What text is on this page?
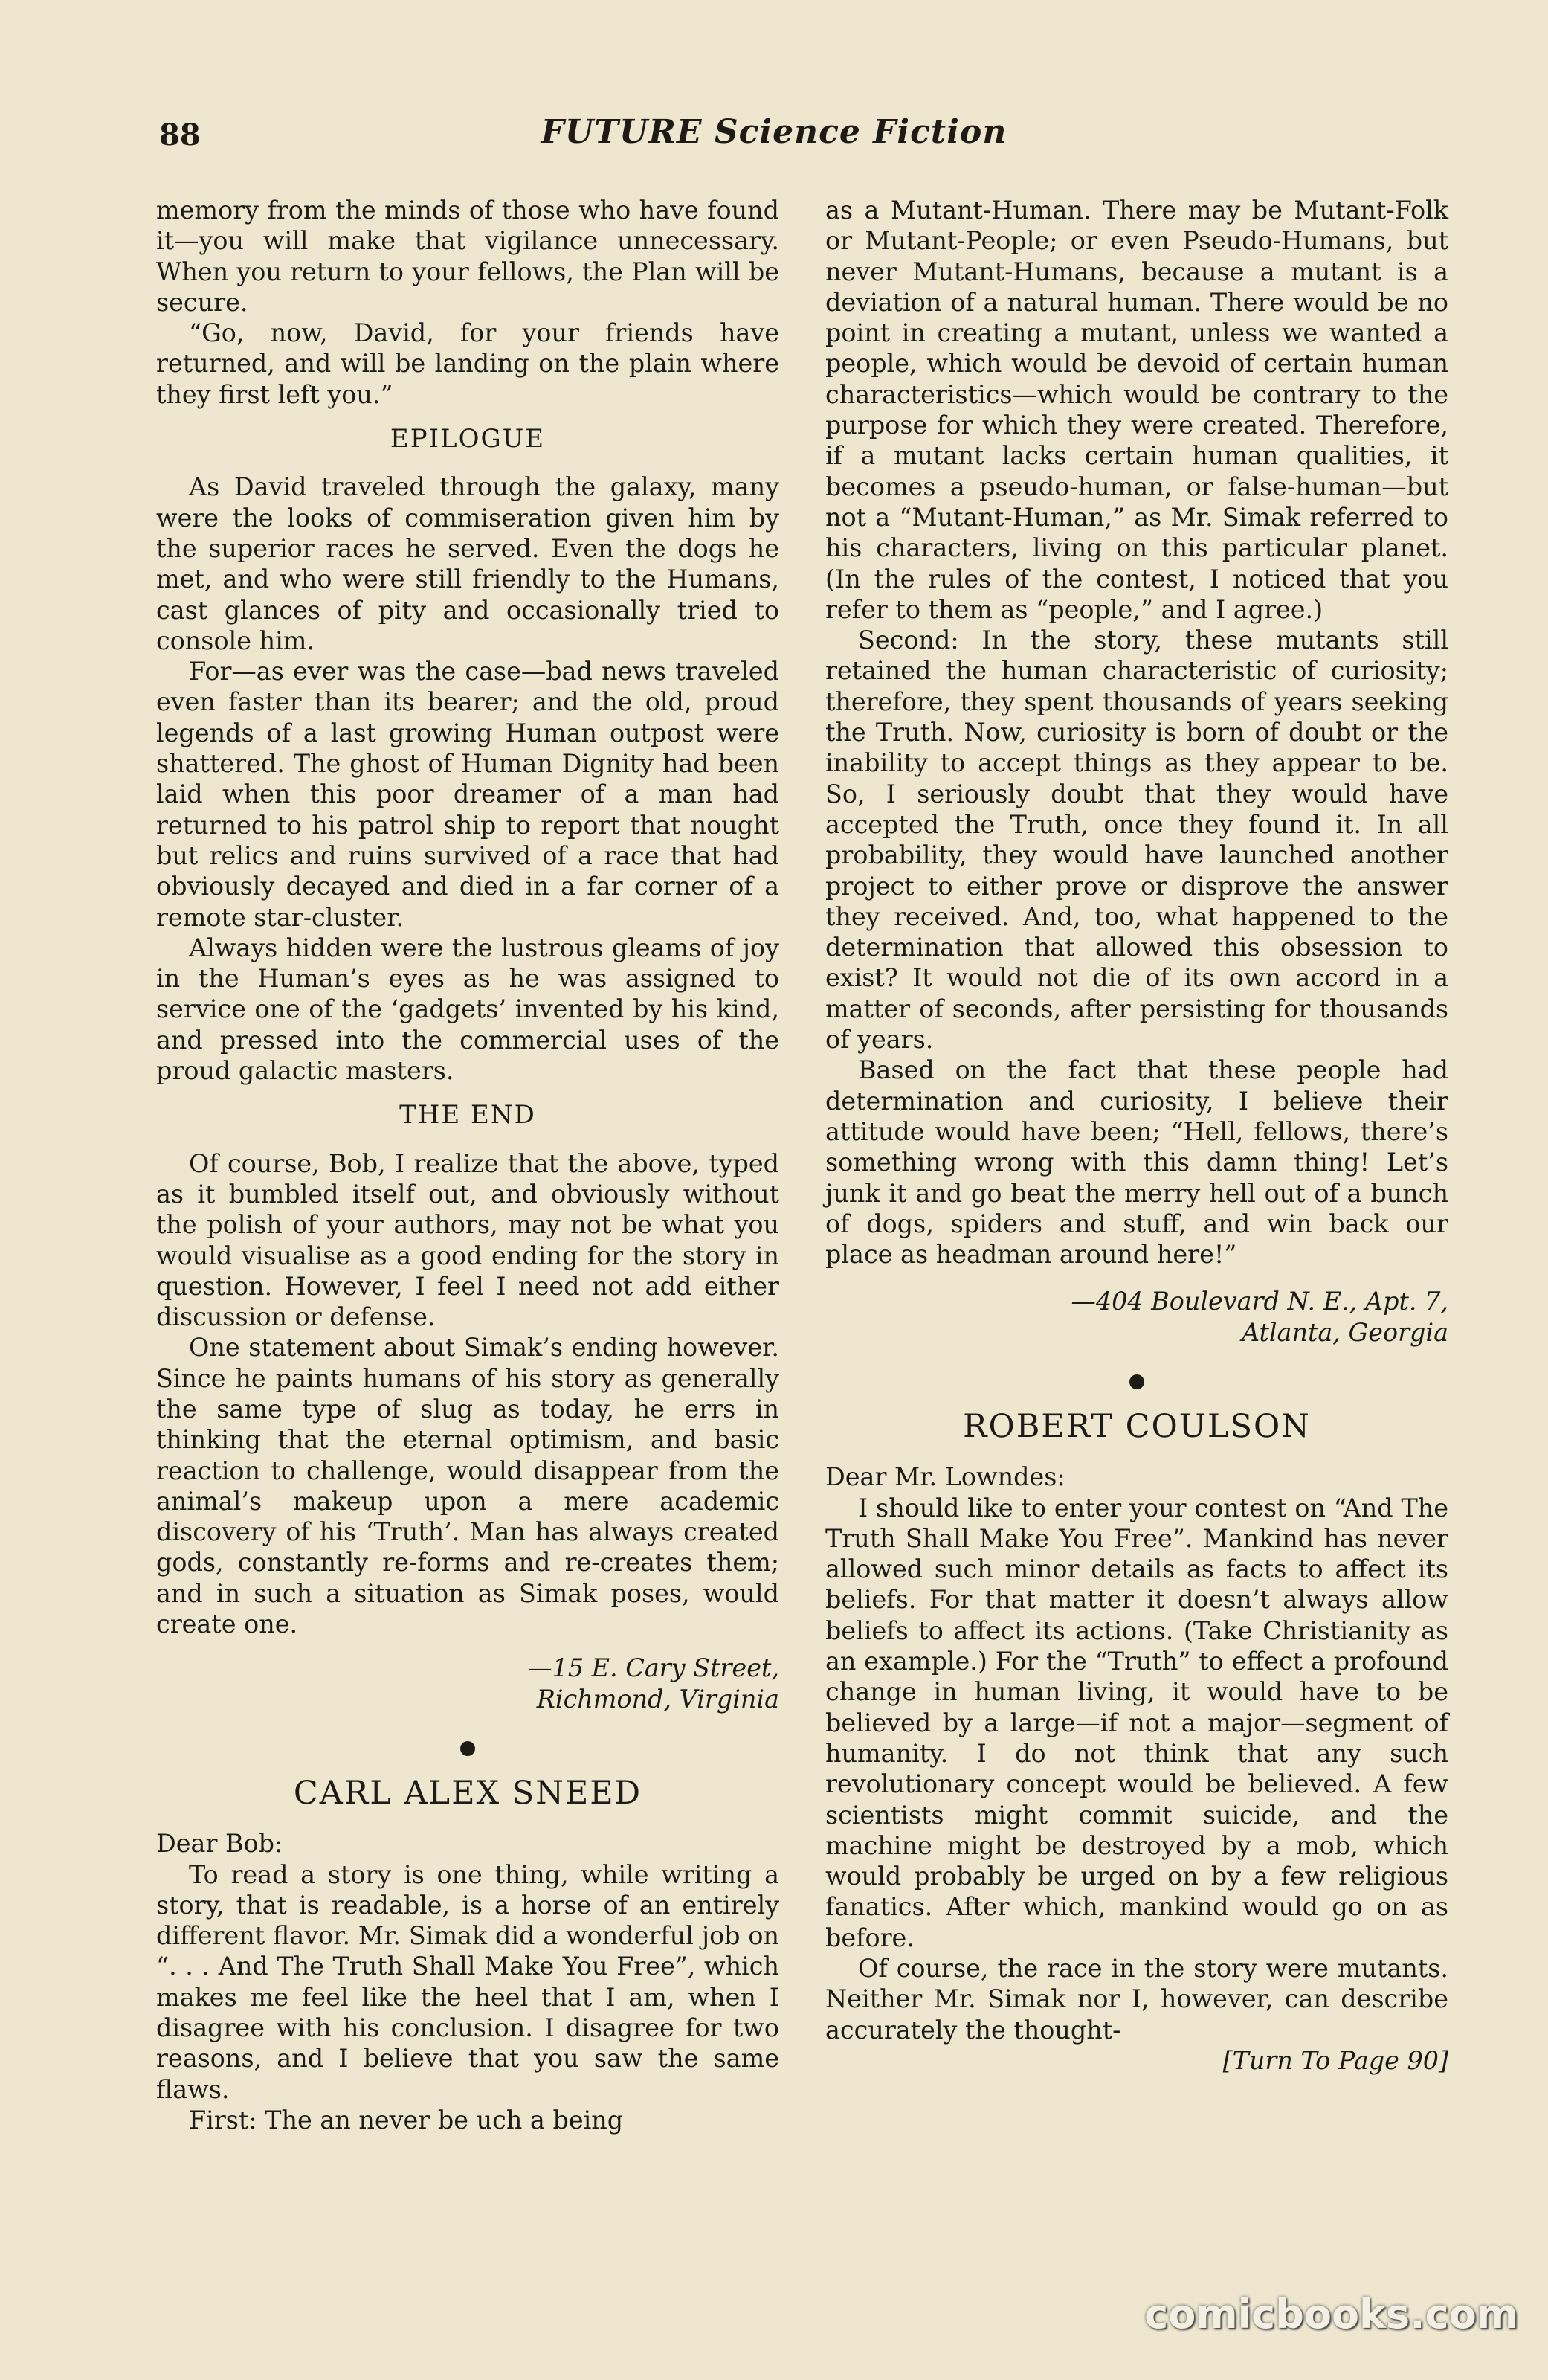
88	FUTURE Science Fiction

memory from the minds of those who have found it—you will make that vigilance unnecessary. When you return to your fellows, the Plan will be secure.

“Go, now, David, for your friends have returned, and will be landing on the plain where they first left you.”

EPILOGUE

As David traveled through the galaxy, many were the looks of commiseration given him by the superior races he served. Even the dogs he met, and who were still friendly to the Humans, cast glances of pity and occasionally tried to console him.

For—as ever was the case—bad news traveled even faster than its bearer; and the old, proud legends of a last growing Human outpost were shattered. The ghost of Human Dignity had been laid when this poor dreamer of a man had returned to his patrol ship to report that nought but relics and ruins survived of a race that had obviously decayed and died in a far corner of a remote star-cluster.

Always hidden were the lustrous gleams of joy in the Human’s eyes as he was assigned to service one of the ‘gadgets’ invented by his kind, and pressed into the commercial uses of the proud galactic masters.

THE END

Of course, Bob, I realize that the above, typed as it bumbled itself out, and obviously without the polish of your authors, may not be what you would visualise as a good ending for the story in question. However, I feel I need not add either discussion or defense.

One statement about Simak’s ending however. Since he paints humans of his story as generally the same type of slug as today, he errs in thinking that the eternal optimism, and basic reaction to challenge, would disappear from the animal’s makeup upon a mere academic discovery of his ‘Truth’. Man has always created gods, constantly re-forms and re-creates them; and in such a situation as Simak poses, would create one.

—15 E. Cary Street,

Richmond, Virginia

CARL ALEX SNEED

Dear Bob:

To read a story is one thing, while writing a story, that is readable, is a horse of an entirely different flavor. Mr. Simak did a wonderful job on “. . . And The Truth Shall Make You Free”, which makes me feel like the heel that I am, when I disagree with his conclusion. I disagree for two reasons, and I believe that you saw the same flaws.

First: The an never be uch a being

as a Mutant-Human. There may be Mutant-Folk or Mutant-People; or even Pseudo-Humans, but never Mutant-Humans, because a mutant is a deviation of a natural human. There would be no point in creating a mutant, unless we wanted a people, which would be devoid of certain human characteristics—which would be contrary to the purpose for which they were created. Therefore, if a mutant lacks certain human qualities, it becomes a pseudo-human, or false-human—but not a “Mutant-Human,” as Mr. Simak referred to his characters, living on this particular planet. (In the rules of the contest, I noticed that you refer to them as “people,” and I agree.)

Second: In the story, these mutants still retained the human characteristic of curiosity; therefore, they spent thousands of years seeking the Truth. Now, curiosity is born of doubt or the inability to accept things as they appear to be. So, I seriously doubt that they would have accepted the Truth, once they found it. In all probability, they would have launched another project to either prove or disprove the answer they received. And, too, what happened to the determination that allowed this obsession to exist? It would not die of its own accord in a matter of seconds, after persisting for thousands of years.

Based on the fact that these people had determination and curiosity, I believe their attitude would have been; “Hell, fellows, there’s something wrong with this damn thing! Let’s junk it and go beat the merry hell out of a bunch of dogs, spiders and stuff, and win back our place as headman around here!”

—404 Boulevard N. E., Apt. 7,

Atlanta, Georgia

ROBERT COULSON

Dear Mr. Lowndes:

I should like to enter your contest on “And The Truth Shall Make You Free”. Mankind has never allowed such minor details as facts to affect its beliefs. For that matter it doesn’t always allow beliefs to affect its actions. (Take Christianity as an example.) For the “Truth” to effect a profound change in human living, it would have to be believed by a large—if not a major—segment of humanity. I do not think that any such revolutionary concept would be believed. A few scientists might commit suicide, and the machine might be destroyed by a mob, which would probably be urged on by a few religious fanatics. After which, mankind would go on as before.

Of course, the race in the story were mutants. Neither Mr. Simak nor I, however, can describe accurately the thought-

[Turn To Page 90]

comicbooks.com
